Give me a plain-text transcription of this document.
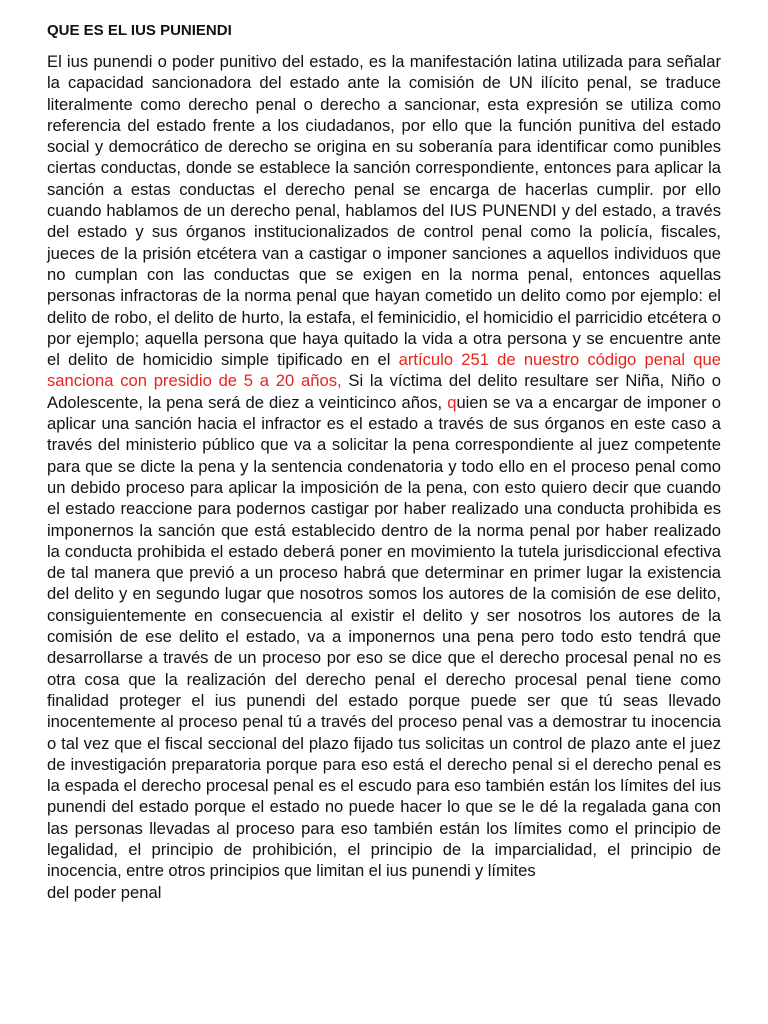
QUE ES EL IUS PUNIENDI

El ius punendi o poder punitivo del estado, es la manifestación latina utilizada para señalar la capacidad sancionadora del estado ante la comisión de UN ilícito penal, se traduce literalmente como derecho penal o derecho a sancionar, esta expresión se utiliza como referencia del estado frente a los ciudadanos, por ello que la función punitiva del estado social y democrático de derecho se origina en su soberanía para identificar como punibles ciertas conductas, donde se establece la sanción correspondiente, entonces para aplicar la sanción a estas conductas el derecho penal se encarga de hacerlas cumplir. por ello cuando hablamos de un derecho penal, hablamos del IUS PUNENDI y del estado, a través del estado y sus órganos institucionalizados de control penal como la policía, fiscales, jueces de la prisión etcétera van a castigar o imponer sanciones a aquellos individuos que no cumplan con las conductas que se exigen en la norma penal, entonces aquellas personas infractoras de la norma penal que hayan cometido un delito como por ejemplo: el delito de robo, el delito de hurto, la estafa, el feminicidio, el homicidio el parricidio etcétera o por ejemplo; aquella persona que haya quitado la vida a otra persona y se encuentre ante el delito de homicidio simple tipificado en el artículo 251 de nuestro código penal que sanciona con presidio de 5 a 20 años, Si la víctima del delito resultare ser Niña, Niño o Adolescente, la pena será de diez a veinticinco años, quien se va a encargar de imponer o aplicar una sanción hacia el infractor es el estado a través de sus órganos en este caso a través del ministerio público que va a solicitar la pena correspondiente al juez competente para que se dicte la pena y la sentencia condenatoria y todo ello en el proceso penal como un debido proceso para aplicar la imposición de la pena, con esto quiero decir que cuando el estado reaccione para podernos castigar por haber realizado una conducta prohibida es imponernos la sanción que está establecido dentro de la norma penal por haber realizado la conducta prohibida el estado deberá poner en movimiento la tutela jurisdiccional efectiva de tal manera que previó a un proceso habrá que determinar en primer lugar la existencia del delito y en segundo lugar que nosotros somos los autores de la comisión de ese delito, consiguientemente en consecuencia al existir el delito y ser nosotros los autores de la comisión de ese delito el estado, va a imponernos una pena pero todo esto tendrá que desarrollarse a través de un proceso por eso se dice que el derecho procesal penal no es otra cosa que la realización del derecho penal el derecho procesal penal tiene como finalidad proteger el ius punendi del estado porque puede ser que tú seas llevado inocentemente al proceso penal tú a través del proceso penal vas a demostrar tu inocencia o tal vez que el fiscal seccional del plazo fijado tus solicitas un control de plazo ante el juez de investigación preparatoria porque para eso está el derecho penal si el derecho penal es la espada el derecho procesal penal es el escudo para eso también están los límites del ius punendi del estado porque el estado no puede hacer lo que se le dé la regalada gana con las personas llevadas al proceso para eso también están los límites como el principio de legalidad, el principio de prohibición, el principio de la imparcialidad, el principio de inocencia, entre otros principios que limitan el ius punendi y límites

del poder penal
